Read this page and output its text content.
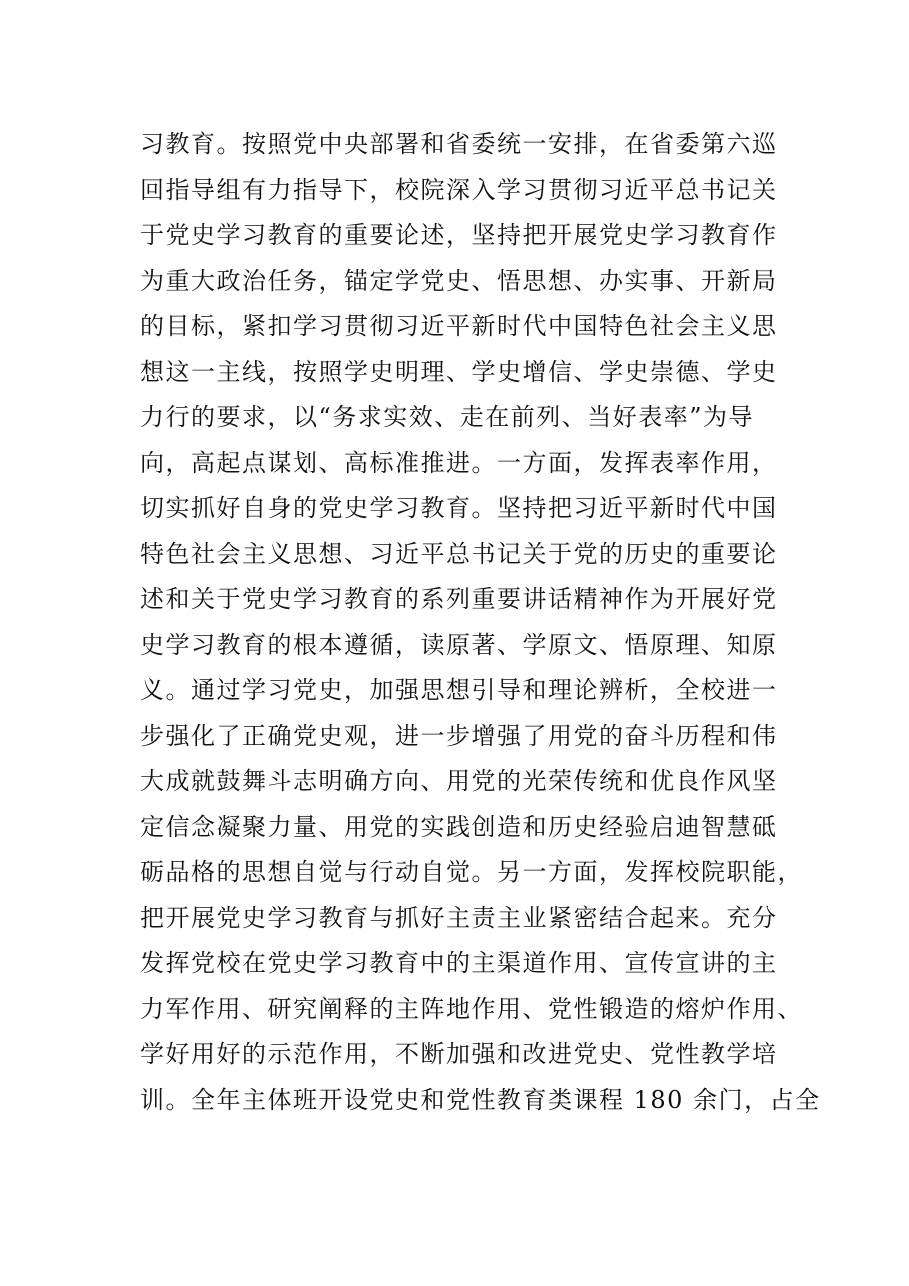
习教育。按照党中央部署和省委统一安排，在省委第六巡
回指导组有力指导下，校院深入学习贯彻习近平总书记关
于党史学习教育的重要论述，坚持把开展党史学习教育作
为重大政治任务，锚定学党史、悟思想、办实事、开新局
的目标，紧扣学习贯彻习近平新时代中国特色社会主义思
想这一主线，按照学史明理、学史增信、学史崇德、学史
力行的要求，以“务求实效、走在前列、当好表率”为导
向，高起点谋划、高标准推进。一方面，发挥表率作用，
切实抓好自身的党史学习教育。坚持把习近平新时代中国
特色社会主义思想、习近平总书记关于党的历史的重要论
述和关于党史学习教育的系列重要讲话精神作为开展好党
史学习教育的根本遵循，读原著、学原文、悟原理、知原
义。通过学习党史，加强思想引导和理论辨析，全校进一
步强化了正确党史观，进一步增强了用党的奋斗历程和伟
大成就鼓舞斗志明确方向、用党的光荣传统和优良作风坚
定信念凝聚力量、用党的实践创造和历史经验启迪智慧砥
砺品格的思想自觉与行动自觉。另一方面，发挥校院职能，
把开展党史学习教育与抓好主责主业紧密结合起来。充分
发挥党校在党史学习教育中的主渠道作用、宣传宣讲的主
力军作用、研究阐释的主阵地作用、党性锻造的熔炉作用、
学好用好的示范作用，不断加强和改进党史、党性教学培
训。全年主体班开设党史和党性教育类课程 180 余门，占全
